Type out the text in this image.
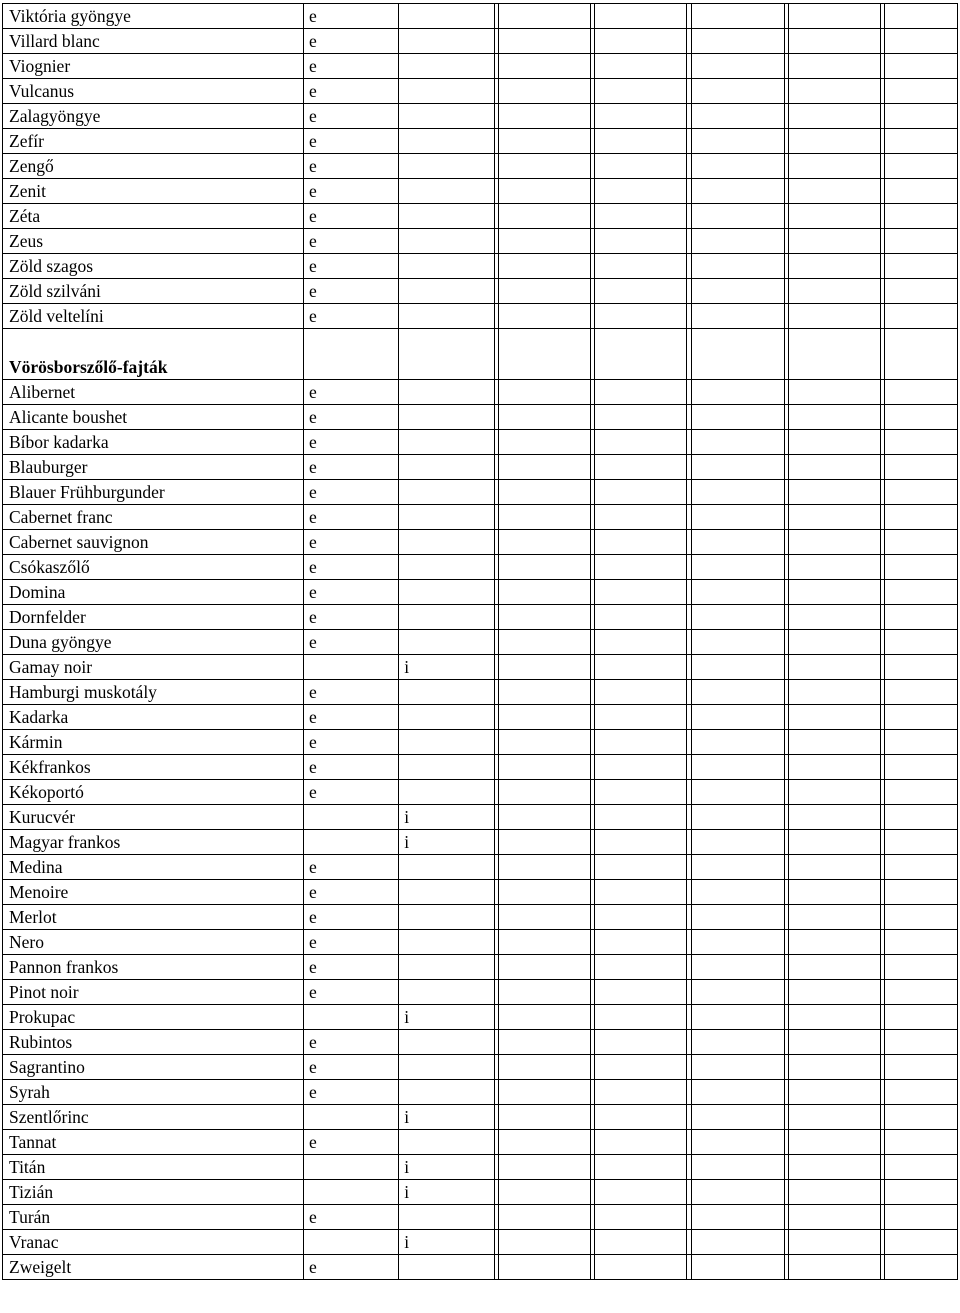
Viktória gyöngye	e											
Villard blanc	e											
Viognier	e											
Vulcanus	e											
Zalagyöngye	e											
Zefír	e											
Zengő	e											
Zenit	e											
Zéta	e											
Zeus	e											
Zöld szagos	e											
Zöld szilváni	e											
Zöld veltelíni	e											
Vörösborszőlő-fajták												
Alibernet	e											
Alicante boushet	e											
Bíbor kadarka	e											
Blauburger	e											
Blauer Frühburgunder	e											
Cabernet franc	e											
Cabernet sauvignon	e											
Csókaszőlő	e											
Domina	e											
Dornfelder	e											
Duna gyöngye	e											
Gamay noir		i										
Hamburgi muskotály	e											
Kadarka	e											
Kármin	e											
Kékfrankos	e											
Kékoportó	e											
Kurucvér		i										
Magyar frankos		i										
Medina	e											
Menoire	e											
Merlot	e											
Nero	e											
Pannon frankos	e											
Pinot noir	e											
Prokupac		i										
Rubintos	e											
Sagrantino	e											
Syrah	e											
Szentlőrinc		i										
Tannat	e											
Titán		i										
Tizián		i										
Turán	e											
Vranac		i										
Zweigelt	e											
